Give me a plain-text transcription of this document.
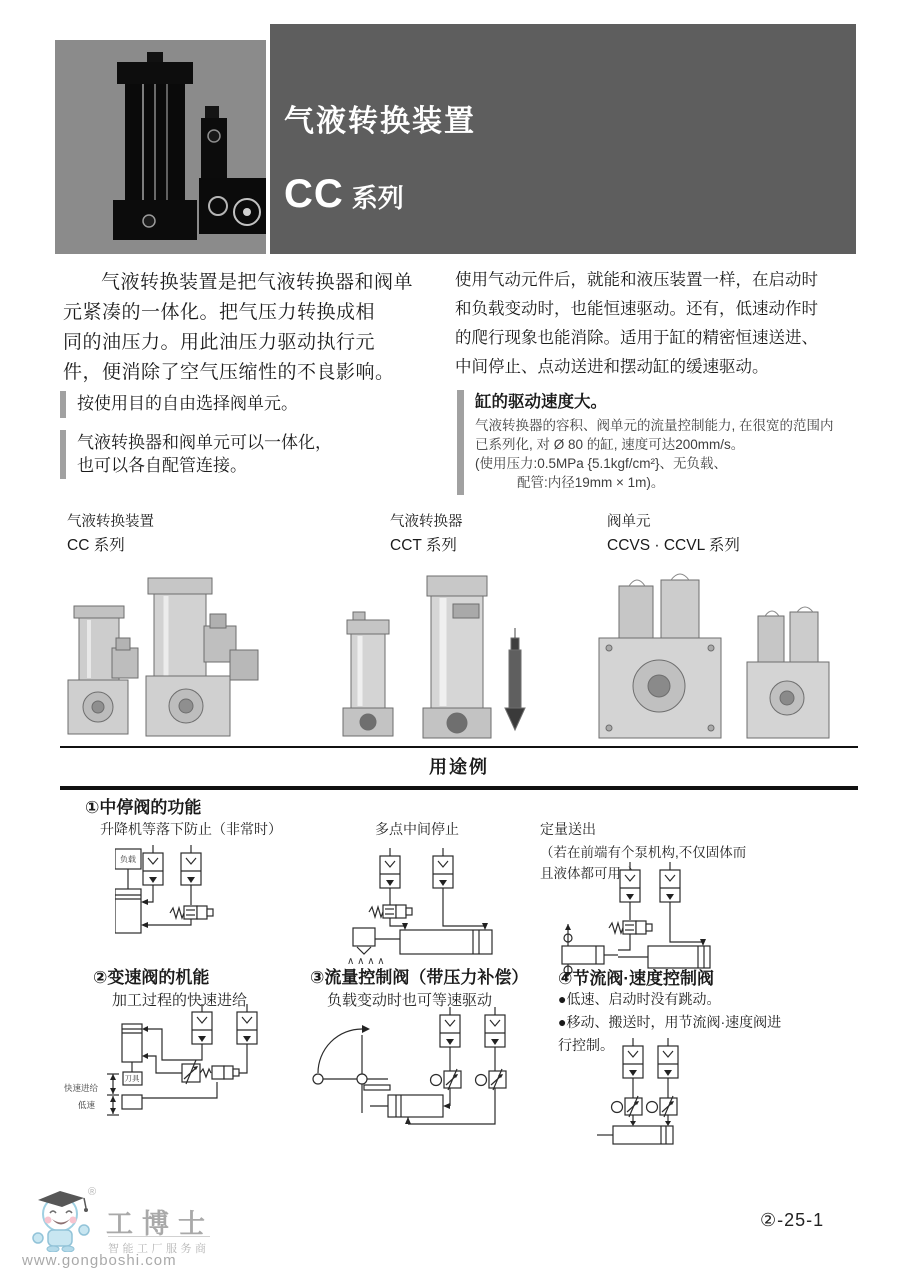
气液转换装置
CC 系列
气液转换装置是把气液转换器和阀单
元紧凑的一体化。把气压力转换成相
同的油压力。用此油压力驱动执行元
件，便消除了空气压缩性的不良影响。
使用气动元件后，就能和液压装置一样，在启动时
和负载变动时，也能恒速驱动。还有，低速动作时
的爬行现象也能消除。适用于缸的精密恒速送进、
中间停止、点动送进和摆动缸的缓速驱动。
按使用目的自由选择阀单元。
气液转换器和阀单元可以一体化，
也可以各自配管连接。
缸的驱动速度大。
气液转换器的容积、阀单元的流量控制能力, 在很宽的范围内
已系列化, 对 Ø 80 的缸, 速度可达200mm/s。
(使用压力:0.5MPa {5.1kgf/cm²}、无负载、
配管:内径19mm × 1m)。
气液转换装置
CC 系列
气液转换器
CCT 系列
阀单元
CCVS · CCVL 系列
用途例
①中停阀的功能
升降机等落下防止（非常时）	多点中间停止	定量送出
（若在前端有个泵机构,不仅固体而
且液体都可用。）
负载
∧ ∧ ∧ ∧
②变速阀的机能
加工过程的快速进给
③流量控制阀（带压力补偿）
负载变动时也可等速驱动
④节流阀·速度控制阀
●低速、启动时没有跳动。
●移动、搬送时，用节流阀·速度阀进
行控制。
刀具
快速进给
低速
®
工博士
智能工厂服务商
www.gongboshi.com
②-25-1
